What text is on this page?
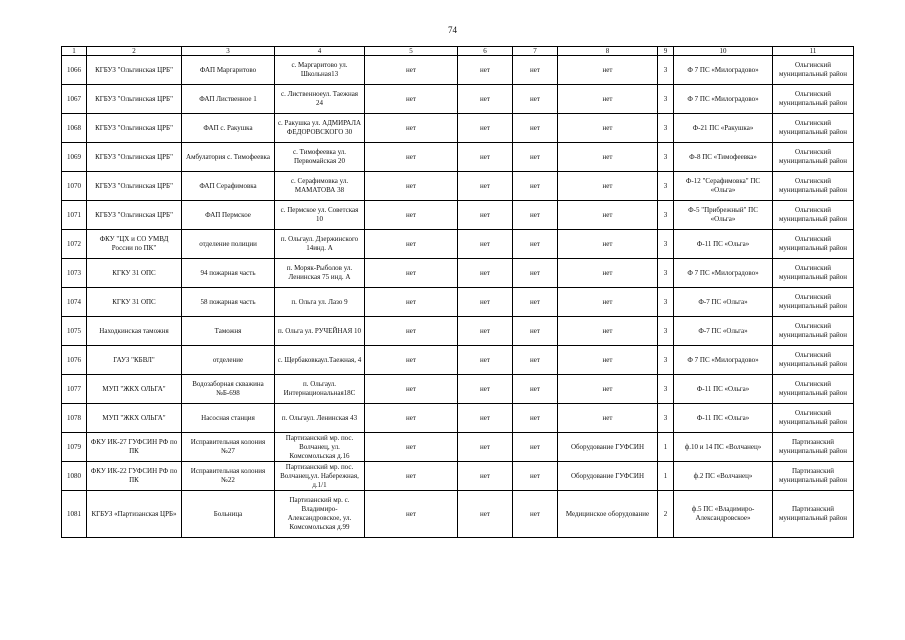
74
1	2	3	4	5	6	7	8	9	10	11
1066	КГБУЗ "Ольгинская ЦРБ"	ФАП Маргаритово	с. Маргаритово ул. Школьная13	нет	нет	нет	нет	3	Ф 7 ПС «Милоградово»	Ольгинский муниципальный район
1067	КГБУЗ "Ольгинская ЦРБ"	ФАП Лиственное 1	с. Лиственноеул. Таежная 24	нет	нет	нет	нет	3	Ф 7 ПС «Милоградово»	Ольгинский муниципальный район
1068	КГБУЗ "Ольгинская ЦРБ"	ФАП с. Ракушка	с. Ракушка ул. АДМИРАЛА ФЕДОРОВСКОГО 30	нет	нет	нет	нет	3	Ф-21 ПС «Ракушка»	Ольгинский муниципальный район
1069	КГБУЗ "Ольгинская ЦРБ"	Амбулатория с. Тимофеевка	с. Тимофеевка ул. Первомайская 20	нет	нет	нет	нет	3	Ф-8 ПС «Тимофеевка»	Ольгинский муниципальный район
1070	КГБУЗ "Ольгинская ЦРБ"	ФАП Серафимовка	с. Серафимовка ул. МАМАТОВА 38	нет	нет	нет	нет	3	Ф-12 "Серафимовка" ПС «Ольга»	Ольгинский муниципальный район
1071	КГБУЗ "Ольгинская ЦРБ"	ФАП Пермское	с. Пермское ул. Советская 10	нет	нет	нет	нет	3	Ф-5 "Прибрежный" ПС «Ольга»	Ольгинский муниципальный район
1072	ФКУ "ЦХ и СО УМВД России по ПК"	отделение полиции	п. Ольгаул. Дзержинского 14инд. А	нет	нет	нет	нет	3	Ф-11 ПС «Ольга»	Ольгинский муниципальный район
1073	КГКУ 31 ОПС	94 пожарная часть	п. Моряк-Рыболов ул. Ленинская 75 инд. А	нет	нет	нет	нет	3	Ф 7 ПС «Милоградово»	Ольгинский муниципальный район
1074	КГКУ 31 ОПС	58 пожарная часть	п. Ольга ул. Лазо 9	нет	нет	нет	нет	3	Ф-7 ПС «Ольга»	Ольгинский муниципальный район
1075	Находкинская таможня	Таможня	п. Ольга ул. РУЧЕЙНАЯ 10	нет	нет	нет	нет	3	Ф-7 ПС «Ольга»	Ольгинский муниципальный район
1076	ГАУЗ "КБВЛ"	отделение	с. Щербаковкаул.Таежная, 4	нет	нет	нет	нет	3	Ф 7 ПС «Милоградово»	Ольгинский муниципальный район
1077	МУП "ЖКХ ОЛЬГА"	Водозаборная скважина №Б-698	п. Ольгаул. Интернациональная18С	нет	нет	нет	нет	3	Ф-11 ПС «Ольга»	Ольгинский муниципальный район
1078	МУП "ЖКХ ОЛЬГА"	Насосная станция	п. Ольгаул. Ленинская 43	нет	нет	нет	нет	3	Ф-11 ПС «Ольга»	Ольгинский муниципальный район
1079	ФКУ ИК-27 ГУФСИН РФ по ПК	Исправительная колония №27	Партизанский мр. пос. Волчанец, ул. Комсомольская д.16	нет	нет	нет	Оборудование ГУФСИН	1	ф.10 и 14 ПС «Волчанец»	Партизанский муниципальный район
1080	ФКУ ИК-22 ГУФСИН РФ по ПК	Исправительная колония №22	Партизанский мр. пос. Волчанец,ул. Набережная, д.1/1	нет	нет	нет	Оборудование ГУФСИН	1	ф.2 ПС «Волчанец»	Партизанский муниципальный район
1081	КГБУЗ «Партизанская ЦРБ»	Больница	Партизанский мр. с. Владимиро-Александровское, ул. Комсомольская д.99	нет	нет	нет	Медицинское оборудование	2	ф.5 ПС «Владимиро-Александровское»	Партизанский муниципальный район
